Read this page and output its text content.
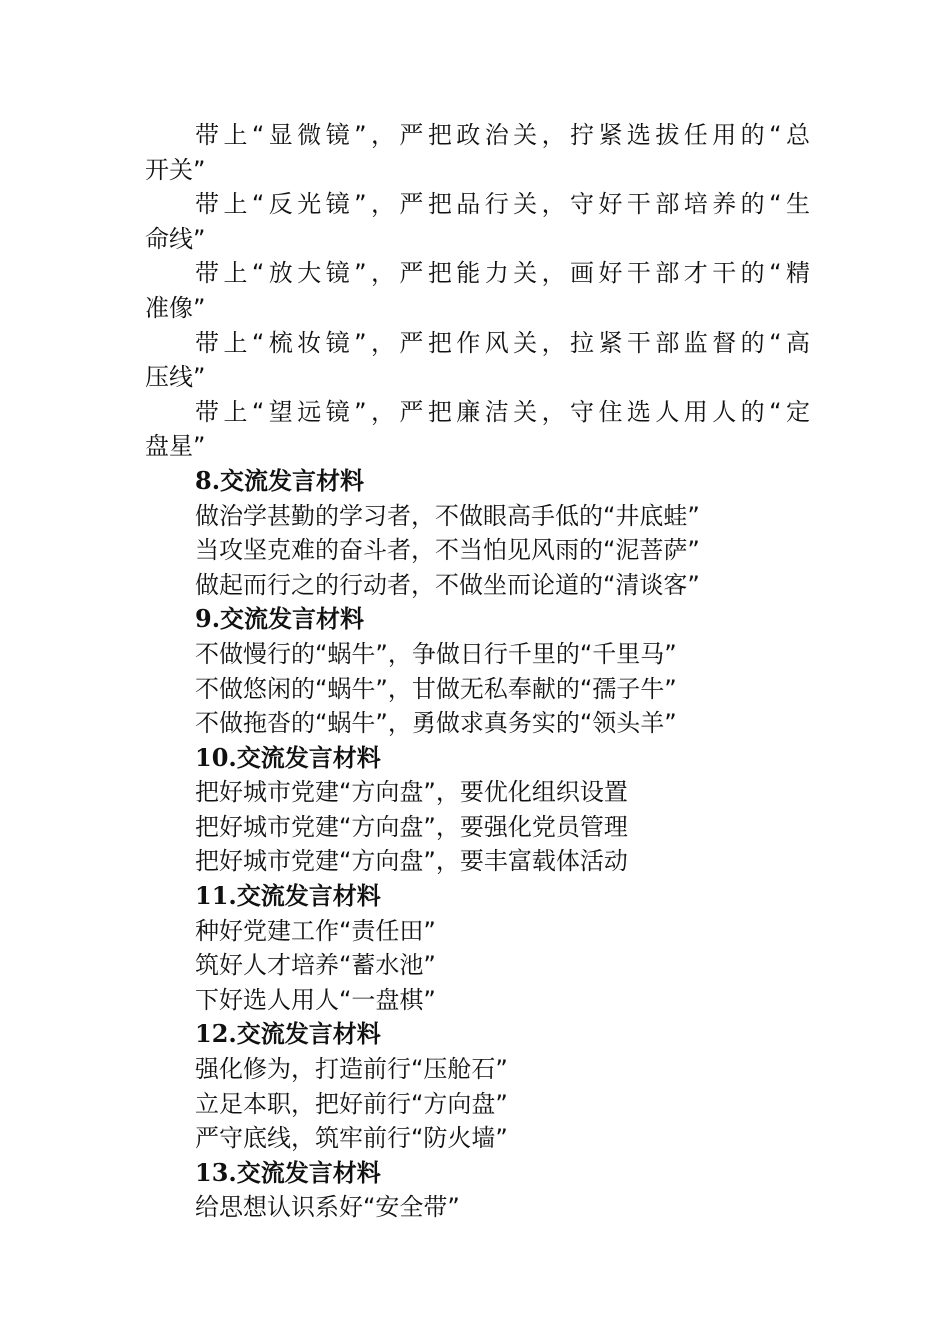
带上“显微镜”，严把政治关，拧紧选拔任用的“总
开关”
带上“反光镜”，严把品行关，守好干部培养的“生
命线”
带上“放大镜”，严把能力关，画好干部才干的“精
准像”
带上“梳妆镜”，严把作风关，拉紧干部监督的“高
压线”
带上“望远镜”，严把廉洁关，守住选人用人的“定
盘星”
8.交流发言材料
做治学甚勤的学习者，不做眼高手低的“井底蛙”
当攻坚克难的奋斗者，不当怕见风雨的“泥菩萨”
做起而行之的行动者，不做坐而论道的“清谈客”
9.交流发言材料
不做慢行的“蜗牛”，争做日行千里的“千里马”
不做悠闲的“蜗牛”，甘做无私奉献的“孺子牛”
不做拖沓的“蜗牛”，勇做求真务实的“领头羊”
10.交流发言材料
把好城市党建“方向盘”，要优化组织设置
把好城市党建“方向盘”，要强化党员管理
把好城市党建“方向盘”，要丰富载体活动
11.交流发言材料
种好党建工作“责任田”
筑好人才培养“蓄水池”
下好选人用人“一盘棋”
12.交流发言材料
强化修为，打造前行“压舱石”
立足本职，把好前行“方向盘”
严守底线，筑牢前行“防火墙”
13.交流发言材料
给思想认识系好“安全带”
